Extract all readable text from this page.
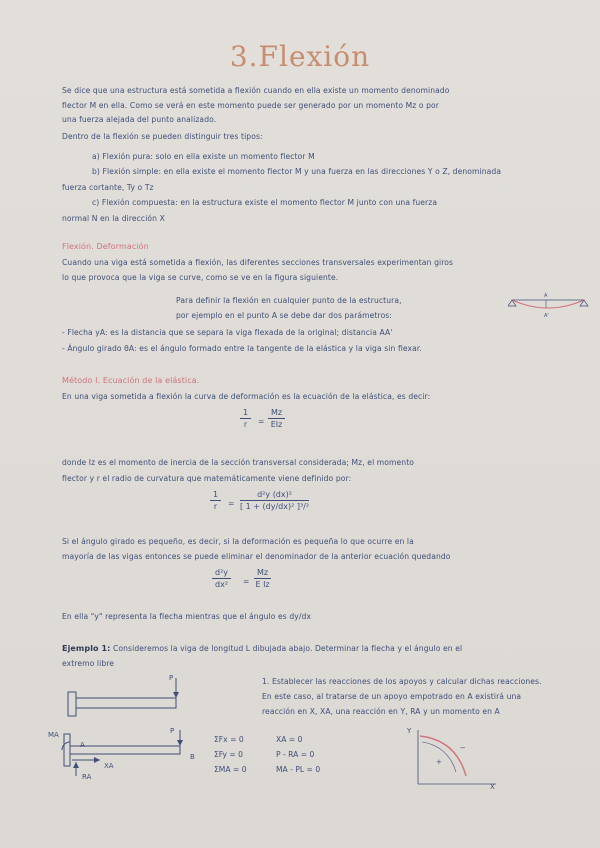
3.Flexión

Se dice que una estructura está sometida a flexión cuando en ella existe un momento denominado

flector M en ella. Como se verá en este momento puede ser generado por un momento Mz o por

una fuerza alejada del punto analizado.

Dentro de la flexión se pueden distinguir tres tipos:

a) Flexión pura: solo en ella existe un momento flector M

b) Flexión simple: en ella existe el momento flector M y una fuerza en las direcciones Y o Z, denominada

fuerza cortante, Ty o Tz

c) Flexión compuesta: en la estructura existe el momento flector M junto con una fuerza

normal N en la dirección X

Flexión. Deformación

Cuando una viga está sometida a flexión, las diferentes secciones transversales experimentan giros

lo que provoca que la viga se curve, como se ve en la figura siguiente.

Para definir la flexión en cualquier punto de la estructura,

por ejemplo en el punto A se debe dar dos parámetros:

- Flecha yA: es la distancia que se separa la viga flexada de la original; distancia AA'

- Ángulo girado θA: es el ángulo formado entre la tangente de la elástica y la viga sin flexar.

A'
A

Método I. Ecuación de la elástica.

En una viga sometida a flexión la curva de deformación es la ecuación de la elástica, es decir:

$\frac{1}{r}$ =
Mz
EIz

donde Iz es el momento de inercia de la sección transversal considerada; Mz, el momento

flector y r el radio de curvatura que matemáticamente viene definido por:

$\frac{1}{r} = \frac{\text{d²y (dx)²}}{\text{[ 1 + (dy/dx)² ]³/²}}$

Si el ángulo girado es pequeño, es decir, si la deformación es pequeña lo que ocurre en la

mayoría de las vigas entonces se puede eliminar el denominador de la anterior ecuación quedando

$\frac{\text{d²y}}{\text{dx²}} = \frac{Mz}{\text{E Iz}}$

En ella "y" representa la flecha mientras que el ángulo es dy/dx

Ejemplo 1: Consideremos la viga de longitud L dibujada abajo. Determinar la flecha y el ángulo en el

extremo libre

1. Establecer las reacciones de los apoyos y calcular dichas reacciones.

En este caso, al tratarse de un apoyo empotrado en A existirá una

reacción en X, XA, una reacción en Y, RA y un momento en A

P
MA
A
B
P
XA
RA
ΣFx = 0
ΣFy = 0
ΣMA = 0
XA = 0
P - RA = 0
MA - PL = 0
Y
X
+
−
